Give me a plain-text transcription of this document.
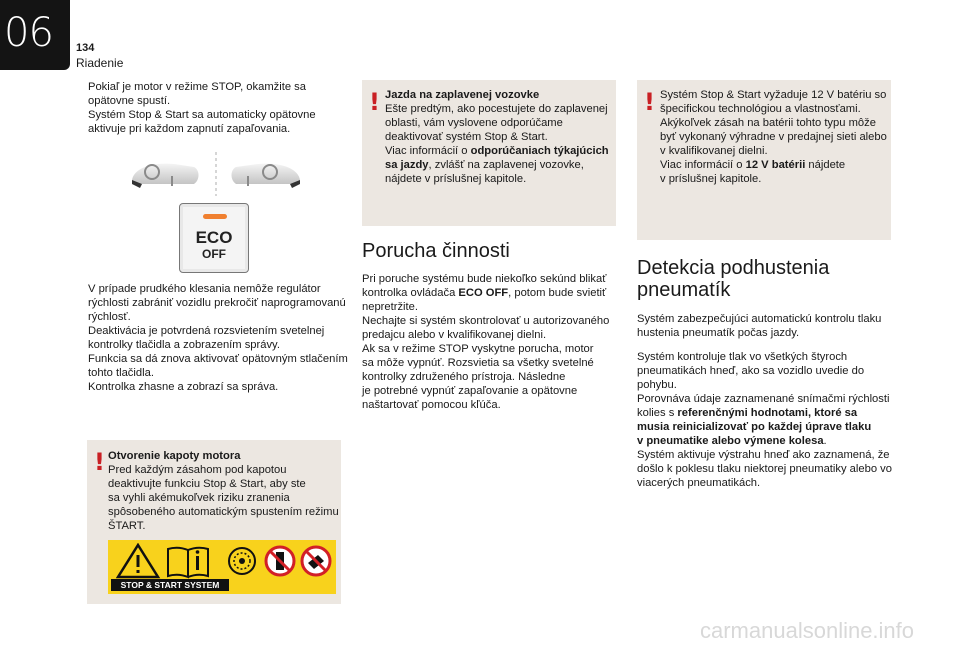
06 134
Riadenie

Pokiaľ je motor v režime STOP, okamžite sa

opätovne spustí.

Systém Stop & Start sa automaticky opätovne

aktivuje pri každom zapnutí zapaľovania.

ECO
OFF

V prípade prudkého klesania nemôže regulátor

rýchlosti zabrániť vozidlu prekročiť naprogramovanú

rýchlosť.

Deaktivácia je potvrdená rozsvietením svetelnej

kontrolky tlačidla a zobrazením správy.

Funkcia sa dá znova aktivovať opätovným stlačením

tohto tlačidla.

Kontrolka zhasne a zobrazí sa správa.

! Otvorenie kapoty motora

Pred každým zásahom pod kapotou

deaktivujte funkciu Stop & Start, aby ste

sa vyhli akémukoľvek riziku zranenia

spôsobeného automatickým spustením režimu

ŠTART.

STOP & START SYSTEM
! Jazda na zaplavenej vozovke

Ešte predtým, ako pocestujete do zaplavenej

oblasti, vám vyslovene odporúčame

deaktivovať systém Stop & Start.

Viac informácií o odporúčaniach týkajúcich

sa jazdy, zvlášť na zaplavenej vozovke,

nájdete v príslušnej kapitole.

Porucha činnosti

Pri poruche systému bude niekoľko sekúnd blikať

kontrolka ovládača ECO OFF, potom bude svietiť

nepretržite.

Nechajte si systém skontrolovať u autorizovaného

predajcu alebo v kvalifikovanej dielni.

Ak sa v režime STOP vyskytne porucha, motor

sa môže vypnúť. Rozsvietia sa všetky svetelné

kontrolky združeného prístroja. Následne

je potrebné vypnúť zapaľovanie a opätovne

naštartovať pomocou kľúča.

! Systém Stop & Start vyžaduje 12 V batériu so

špecifickou technológiou a vlastnosťami.

Akýkoľvek zásah na batérii tohto typu môže

byť vykonaný výhradne v predajnej sieti alebo

v kvalifikovanej dielni.

Viac informácií o 12 V batérii nájdete

v príslušnej kapitole.

Detekcia podhustenia
pneumatík

Systém zabezpečujúci automatickú kontrolu tlaku

hustenia pneumatík počas jazdy.

Systém kontroluje tlak vo všetkých štyroch

pneumatikách hneď, ako sa vozidlo uvedie do

pohybu.

Porovnáva údaje zaznamenané snímačmi rýchlosti

kolies s referenčnými hodnotami, ktoré sa

musia reinicializovať po každej úprave tlaku

v pneumatike alebo výmene kolesa.

Systém aktivuje výstrahu hneď ako zaznamená, že

došlo k poklesu tlaku niektorej pneumatiky alebo vo

viacerých pneumatikách.

carmanualsonline.info
